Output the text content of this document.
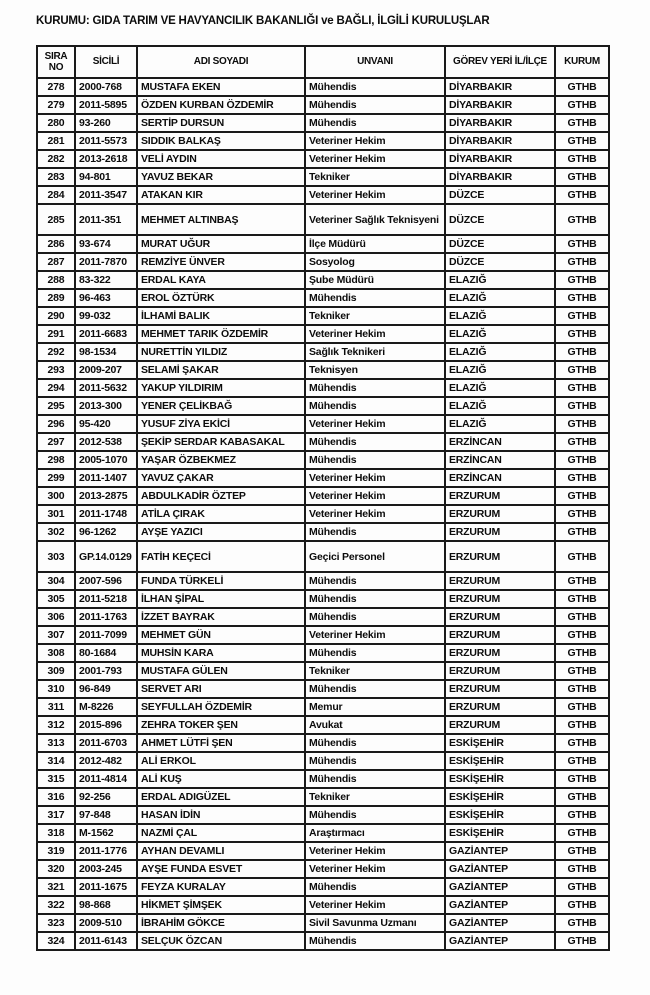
KURUMU: GIDA TARIM VE HAVYANCILIK BAKANLIĞI ve BAĞLI, İLGİLİ KURULUŞLAR
SIRA NO	SİCİLİ	ADI SOYADI	UNVANI	GÖREV YERİ İL/İLÇE	KURUM
278	2000-768	MUSTAFA EKEN	Mühendis	DİYARBAKIR	GTHB
279	2011-5895	ÖZDEN KURBAN ÖZDEMİR	Mühendis	DİYARBAKIR	GTHB
280	93-260	SERTİP DURSUN	Mühendis	DİYARBAKIR	GTHB
281	2011-5573	SIDDIK BALKAŞ	Veteriner Hekim	DİYARBAKIR	GTHB
282	2013-2618	VELİ AYDIN	Veteriner Hekim	DİYARBAKIR	GTHB
283	94-801	YAVUZ BEKAR	Tekniker	DİYARBAKIR	GTHB
284	2011-3547	ATAKAN KIR	Veteriner Hekim	DÜZCE	GTHB
285	2011-351	MEHMET ALTINBAŞ	Veteriner Sağlık Teknisyeni	DÜZCE	GTHB
286	93-674	MURAT UĞUR	İlçe Müdürü	DÜZCE	GTHB
287	2011-7870	REMZİYE ÜNVER	Sosyolog	DÜZCE	GTHB
288	83-322	ERDAL KAYA	Şube Müdürü	ELAZIĞ	GTHB
289	96-463	EROL ÖZTÜRK	Mühendis	ELAZIĞ	GTHB
290	99-032	İLHAMİ BALIK	Tekniker	ELAZIĞ	GTHB
291	2011-6683	MEHMET TARIK ÖZDEMİR	Veteriner Hekim	ELAZIĞ	GTHB
292	98-1534	NURETTİN YILDIZ	Sağlık Teknikeri	ELAZIĞ	GTHB
293	2009-207	SELAMİ ŞAKAR	Teknisyen	ELAZIĞ	GTHB
294	2011-5632	YAKUP YILDIRIM	Mühendis	ELAZIĞ	GTHB
295	2013-300	YENER ÇELİKBAĞ	Mühendis	ELAZIĞ	GTHB
296	95-420	YUSUF ZİYA EKİCİ	Veteriner Hekim	ELAZIĞ	GTHB
297	2012-538	ŞEKİP SERDAR KABASAKAL	Mühendis	ERZİNCAN	GTHB
298	2005-1070	YAŞAR ÖZBEKMEZ	Mühendis	ERZİNCAN	GTHB
299	2011-1407	YAVUZ ÇAKAR	Veteriner Hekim	ERZİNCAN	GTHB
300	2013-2875	ABDULKADİR ÖZTEP	Veteriner Hekim	ERZURUM	GTHB
301	2011-1748	ATİLA ÇIRAK	Veteriner Hekim	ERZURUM	GTHB
302	96-1262	AYŞE YAZICI	Mühendis	ERZURUM	GTHB
303	GP.14.0129	FATİH KEÇECİ	Geçici Personel	ERZURUM	GTHB
304	2007-596	FUNDA TÜRKELİ	Mühendis	ERZURUM	GTHB
305	2011-5218	İLHAN ŞİPAL	Mühendis	ERZURUM	GTHB
306	2011-1763	İZZET BAYRAK	Mühendis	ERZURUM	GTHB
307	2011-7099	MEHMET GÜN	Veteriner Hekim	ERZURUM	GTHB
308	80-1684	MUHSİN KARA	Mühendis	ERZURUM	GTHB
309	2001-793	MUSTAFA GÜLEN	Tekniker	ERZURUM	GTHB
310	96-849	SERVET ARI	Mühendis	ERZURUM	GTHB
311	M-8226	SEYFULLAH ÖZDEMİR	Memur	ERZURUM	GTHB
312	2015-896	ZEHRA TOKER ŞEN	Avukat	ERZURUM	GTHB
313	2011-6703	AHMET LÜTFİ ŞEN	Mühendis	ESKİŞEHİR	GTHB
314	2012-482	ALİ ERKOL	Mühendis	ESKİŞEHİR	GTHB
315	2011-4814	ALİ KUŞ	Mühendis	ESKİŞEHİR	GTHB
316	92-256	ERDAL ADIGÜZEL	Tekniker	ESKİŞEHİR	GTHB
317	97-848	HASAN İDİN	Mühendis	ESKİŞEHİR	GTHB
318	M-1562	NAZMİ ÇAL	Araştırmacı	ESKİŞEHİR	GTHB
319	2011-1776	AYHAN DEVAMLI	Veteriner Hekim	GAZİANTEP	GTHB
320	2003-245	AYŞE FUNDA ESVET	Veteriner Hekim	GAZİANTEP	GTHB
321	2011-1675	FEYZA KURALAY	Mühendis	GAZİANTEP	GTHB
322	98-868	HİKMET ŞİMŞEK	Veteriner Hekim	GAZİANTEP	GTHB
323	2009-510	İBRAHİM GÖKCE	Sivil Savunma Uzmanı	GAZİANTEP	GTHB
324	2011-6143	SELÇUK ÖZCAN	Mühendis	GAZİANTEP	GTHB
